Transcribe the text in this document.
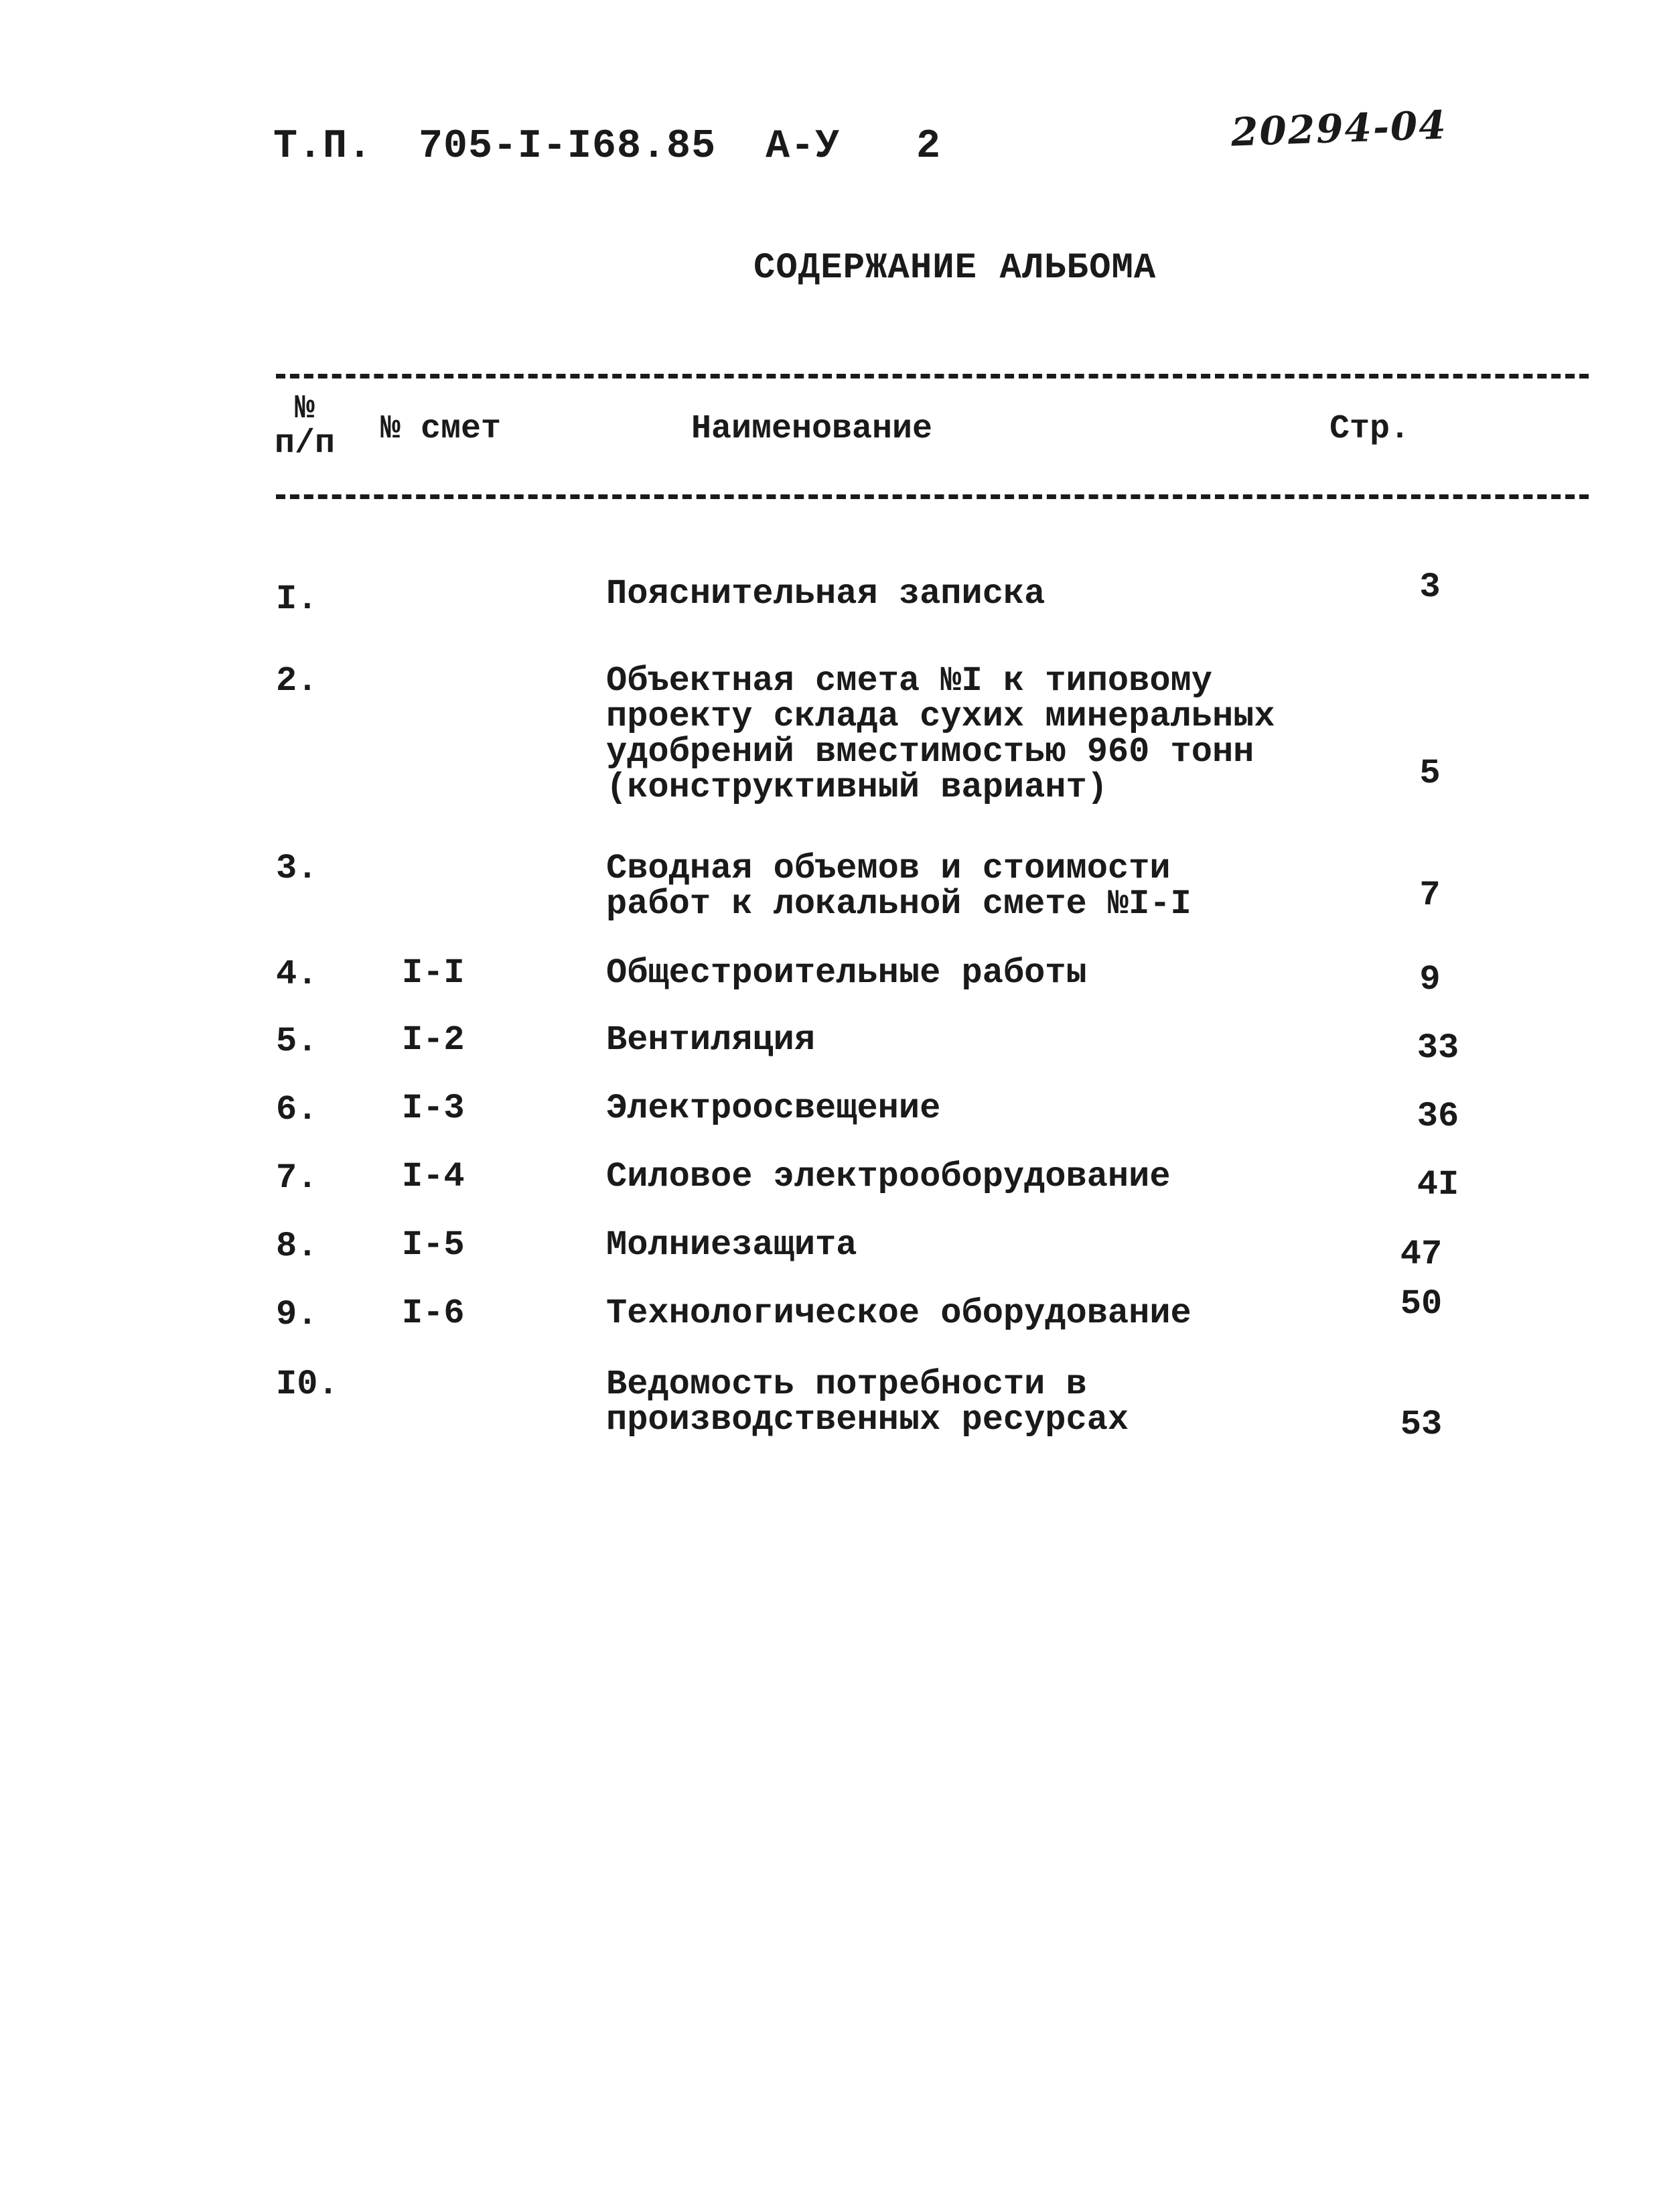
Т.П. 705-I-I68.85  А-У 2	20294-04
СОДЕРЖАНИЕ АЛЬБОМА
№
п/п № смет	Наименование	Стр.
I.	Пояснительная записка	3
2.	Объектная смета №I к типовому
проекту склада сухих минеральных
удобрений вместимостью 960 тонн
(конструктивный вариант)	5
3.	Сводная объемов и стоимости
работ к локальной смете №I-I	7
4. I-I	Общестроительные работы	9
5. I-2	Вентиляция	33
6. I-3	Электроосвещение	36
7. I-4	Силовое электрооборудование	4I
8. I-5	Молниезащита	47
9. I-6	Технологическое оборудование	50
I0.	Ведомость потребности в
производственных ресурсах	53
